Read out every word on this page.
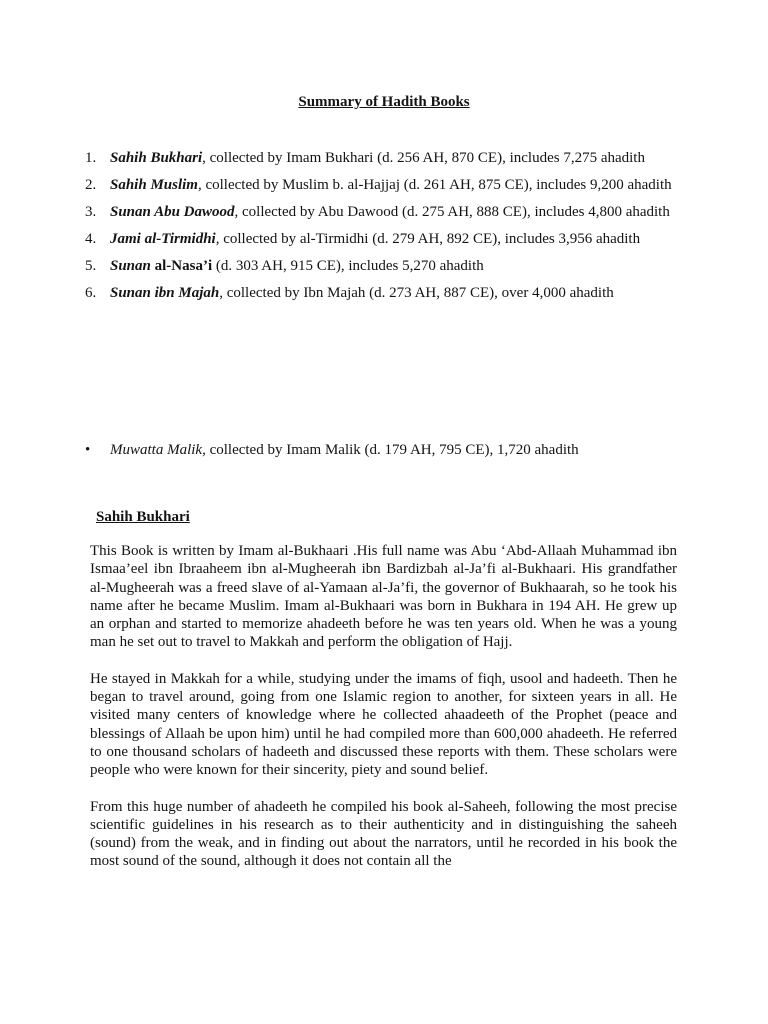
Summary of Hadith Books
1. Sahih Bukhari, collected by Imam Bukhari (d. 256 AH, 870 CE), includes 7,275 ahadith
2. Sahih Muslim, collected by Muslim b. al-Hajjaj (d. 261 AH, 875 CE), includes 9,200 ahadith
3. Sunan Abu Dawood, collected by Abu Dawood (d. 275 AH, 888 CE), includes 4,800 ahadith
4. Jami al-Tirmidhi, collected by al-Tirmidhi (d. 279 AH, 892 CE), includes 3,956 ahadith
5. Sunan al-Nasa’i (d. 303 AH, 915 CE), includes 5,270 ahadith
6. Sunan ibn Majah, collected by Ibn Majah (d. 273 AH, 887 CE), over 4,000 ahadith
•	Muwatta Malik, collected by Imam Malik (d. 179 AH, 795 CE), 1,720 ahadith
Sahih Bukhari

This Book is written by Imam al-Bukhaari .His full name was Abu ‘Abd-Allaah Muhammad ibn Ismaa’eel ibn Ibraaheem ibn al-Mugheerah ibn Bardizbah al-Ja’fi al-Bukhaari. His grandfather al-Mugheerah was a freed slave of al-Yamaan al-Ja’fi, the governor of Bukhaarah, so he took his name after he became Muslim. Imam al-Bukhaari was born in Bukhara in 194 AH. He grew up an orphan and started to memorize ahadeeth before he was ten years old. When he was a young man he set out to travel to Makkah and perform the obligation of Hajj.

He stayed in Makkah for a while, studying under the imams of fiqh, usool and hadeeth. Then he began to travel around, going from one Islamic region to another, for sixteen years in all. He visited many centers of knowledge where he collected ahaadeeth of the Prophet (peace and blessings of Allaah be upon him) until he had compiled more than 600,000 ahadeeth. He referred to one thousand scholars of hadeeth and discussed these reports with them. These scholars were people who were known for their sincerity, piety and sound belief.

From this huge number of ahadeeth he compiled his book al-Saheeh, following the most precise scientific guidelines in his research as to their authenticity and in distinguishing the saheeh (sound) from the weak, and in finding out about the narrators, until he recorded in his book the most sound of the sound, although it does not contain all the
